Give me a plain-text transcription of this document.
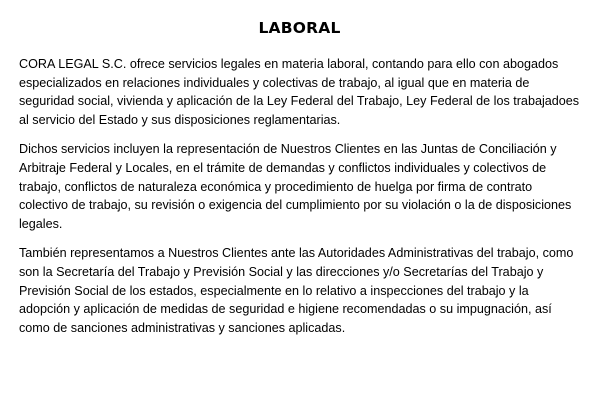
LABORAL

CORA LEGAL S.C. ofrece servicios legales en materia laboral, contando para ello con abogados especializados en relaciones individuales y colectivas de trabajo, al igual que en materia de seguridad social, vivienda y aplicación de la Ley Federal del Trabajo, Ley Federal de los trabajadoes al servicio del Estado y sus disposiciones reglamentarias.

Dichos servicios incluyen la representación de Nuestros Clientes en las Juntas de Conciliación y Arbitraje Federal y Locales, en el trámite de demandas y conflictos individuales y colectivos de trabajo, conflictos de naturaleza económica y procedimiento de huelga por firma de contrato colectivo de trabajo, su revisión o exigencia del cumplimiento por su violación o la de disposiciones legales.

También representamos a Nuestros Clientes ante las Autoridades Administrativas del trabajo, como son la Secretaría del Trabajo y Previsión Social y las direcciones y/o Secretarías del Trabajo y Previsión Social de los estados, especialmente en lo relativo a inspecciones del trabajo y la adopción y aplicación de medidas de seguridad e higiene recomendadas o su impugnación, así como de sanciones administrativas y sanciones aplicadas.
